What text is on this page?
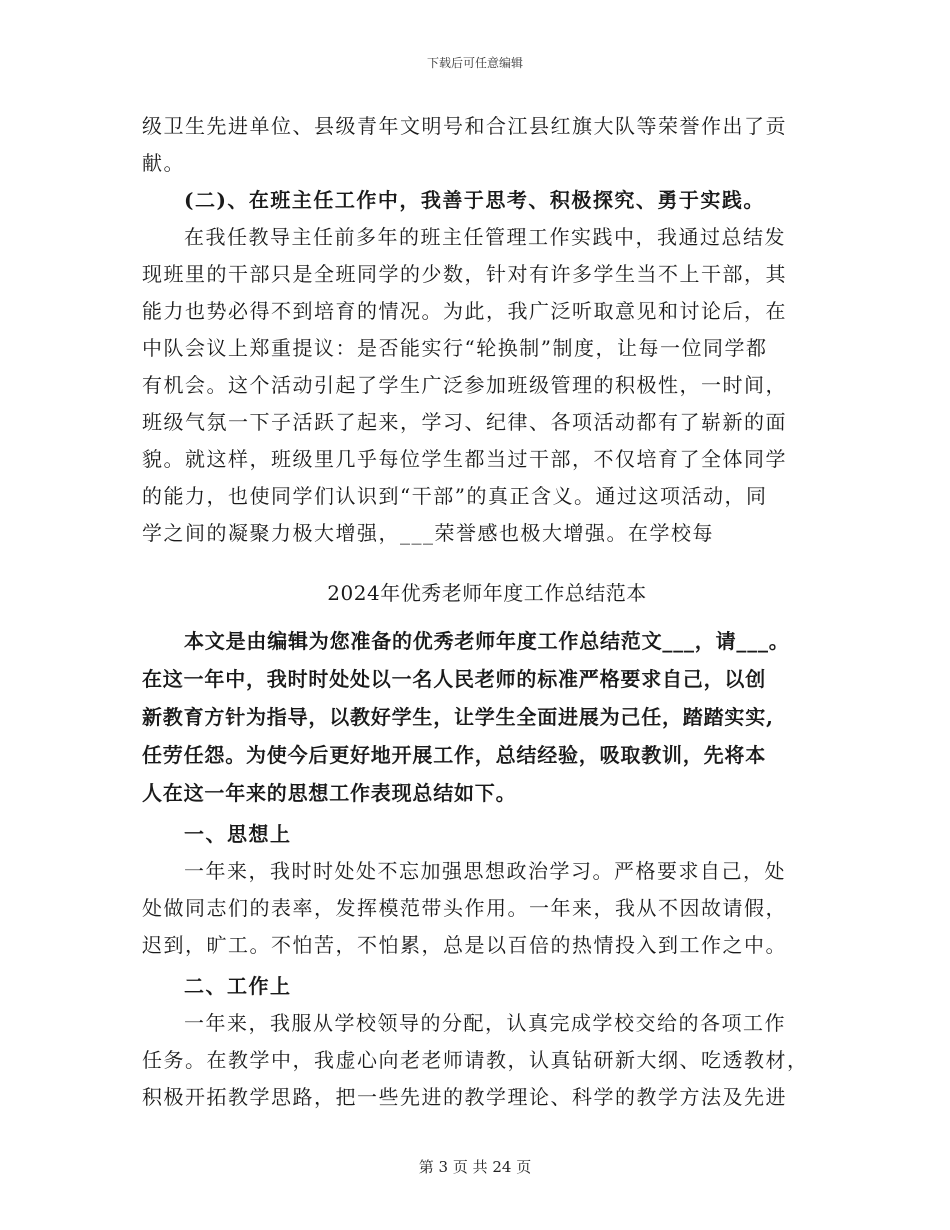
下载后可任意编辑
级卫生先进单位、县级青年文明号和合江县红旗大队等荣誉作出了贡
献。
(二)、在班主任工作中，我善于思考、积极探究、勇于实践。
在我任教导主任前多年的班主任管理工作实践中，我通过总结发
现班里的干部只是全班同学的少数，针对有许多学生当不上干部，其
能力也势必得不到培育的情况。为此，我广泛听取意见和讨论后，在
中队会议上郑重提议：是否能实行“轮换制”制度，让每一位同学都
有机会。这个活动引起了学生广泛参加班级管理的积极性，一时间，
班级气氛一下子活跃了起来，学习、纪律、各项活动都有了崭新的面
貌。就这样，班级里几乎每位学生都当过干部，不仅培育了全体同学
的能力，也使同学们认识到“干部”的真正含义。通过这项活动，同
学之间的凝聚力极大增强，___荣誉感也极大增强。在学校每
2024年优秀老师年度工作总结范本
本文是由编辑为您准备的优秀老师年度工作总结范文___，请___。
在这一年中，我时时处处以一名人民老师的标准严格要求自己，以创
新教育方针为指导，以教好学生，让学生全面进展为己任，踏踏实实,
任劳任怨。为使今后更好地开展工作，总结经验，吸取教训，先将本
人在这一年来的思想工作表现总结如下。
一、思想上
一年来，我时时处处不忘加强思想政治学习。严格要求自己，处
处做同志们的表率，发挥模范带头作用。一年来，我从不因故请假，
迟到，旷工。不怕苦，不怕累，总是以百倍的热情投入到工作之中。
二、工作上
一年来，我服从学校领导的分配，认真完成学校交给的各项工作
任务。在教学中，我虚心向老老师请教，认真钻研新大纲、吃透教材，
积极开拓教学思路，把一些先进的教学理论、科学的教学方法及先进
第 3 页 共 24 页
